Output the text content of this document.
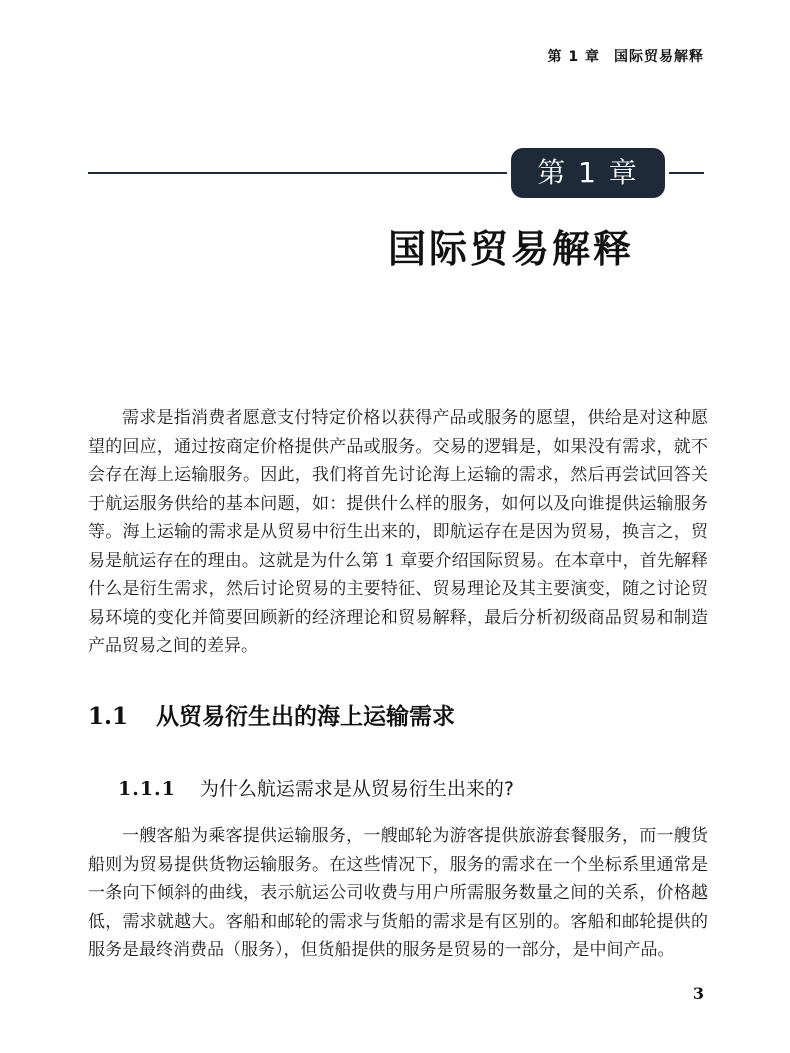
第 1 章 国际贸易解释
第 1 章
国际贸易解释

需求是指消费者愿意支付特定价格以获得产品或服务的愿望，供给是对这种愿望的回应，通过按商定价格提供产品或服务。交易的逻辑是，如果没有需求，就不会存在海上运输服务。因此，我们将首先讨论海上运输的需求，然后再尝试回答关于航运服务供给的基本问题，如：提供什么样的服务，如何以及向谁提供运输服务等。海上运输的需求是从贸易中衍生出来的，即航运存在是因为贸易，换言之，贸易是航运存在的理由。这就是为什么第 1 章要介绍国际贸易。在本章中，首先解释什么是衍生需求，然后讨论贸易的主要特征、贸易理论及其主要演变，随之讨论贸易环境的变化并简要回顾新的经济理论和贸易解释，最后分析初级商品贸易和制造产品贸易之间的差异。

1.1 从贸易衍生出的海上运输需求
1.1.1 为什么航运需求是从贸易衍生出来的?

一艘客船为乘客提供运输服务，一艘邮轮为游客提供旅游套餐服务，而一艘货船则为贸易提供货物运输服务。在这些情况下，服务的需求在一个坐标系里通常是一条向下倾斜的曲线，表示航运公司收费与用户所需服务数量之间的关系，价格越低，需求就越大。客船和邮轮的需求与货船的需求是有区别的。客船和邮轮提供的服务是最终消费品（服务），但货船提供的服务是贸易的一部分，是中间产品。

3
